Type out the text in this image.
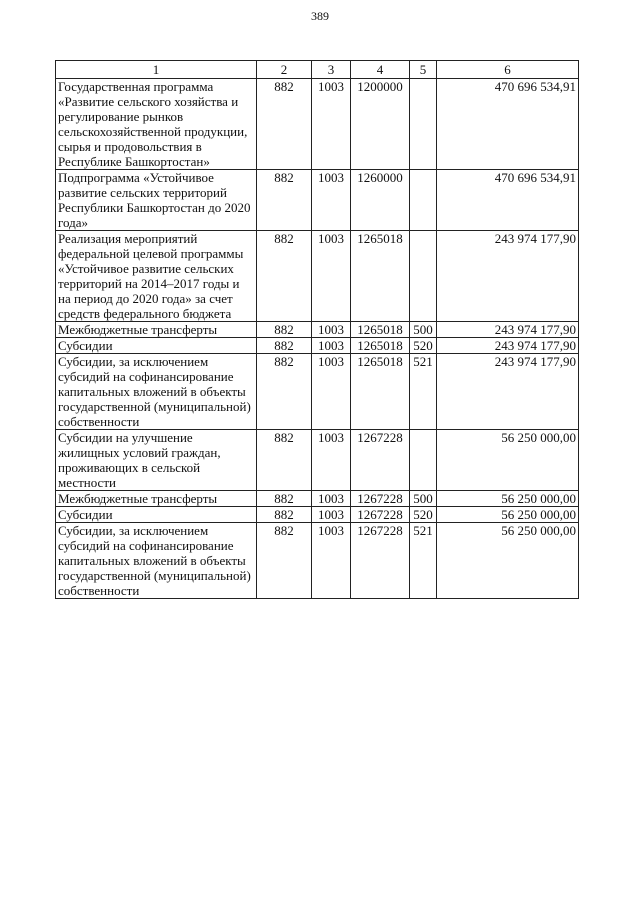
389
1	2	3	4	5	6
Государственная программа «Развитие сельского хозяйства и регулирование рынков сельскохозяйственной продукции, сырья и продовольствия в Республике Башкортостан»	882	1003	1200000		470 696 534,91
Подпрограмма «Устойчивое развитие сельских территорий Республики Башкортостан до 2020 года»	882	1003	1260000		470 696 534,91
Реализация мероприятий федеральной целевой программы «Устойчивое развитие сельских территорий на 2014–2017 годы и на период до 2020 года» за счет средств федерального бюджета	882	1003	1265018		243 974 177,90
Межбюджетные трансферты	882	1003	1265018	500	243 974 177,90
Субсидии	882	1003	1265018	520	243 974 177,90
Субсидии, за исключением субсидий на софинансирование капитальных вложений в объекты государственной (муниципальной) собственности	882	1003	1265018	521	243 974 177,90
Субсидии на улучшение жилищных условий граждан, проживающих в сельской местности	882	1003	1267228		56 250 000,00
Межбюджетные трансферты	882	1003	1267228	500	56 250 000,00
Субсидии	882	1003	1267228	520	56 250 000,00
Субсидии, за исключением субсидий на софинансирование капитальных вложений в объекты государственной (муниципальной) собственности	882	1003	1267228	521	56 250 000,00
